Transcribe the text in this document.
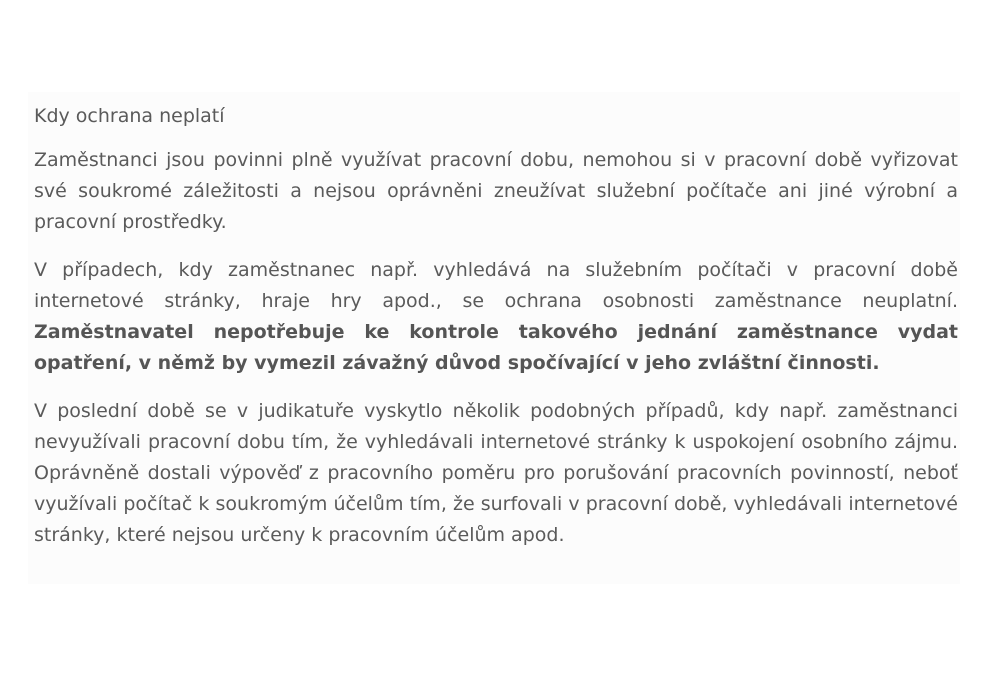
Kdy ochrana neplatí

Zaměstnanci jsou povinni plně využívat pracovní dobu, nemohou si v pracovní době vyřizovat své soukromé záležitosti a nejsou oprávněni zneužívat služební počítače ani jiné výrobní a pracovní prostředky.

V případech, kdy zaměstnanec např. vyhledává na služebním počítači v pracovní době internetové stránky, hraje hry apod., se ochrana osobnosti zaměstnance neuplatní. Zaměstnavatel nepotřebuje ke kontrole takového jednání zaměstnance vydat opatření, v němž by vymezil závažný důvod spočívající v jeho zvláštní činnosti.

V poslední době se v judikatuře vyskytlo několik podobných případů, kdy např. zaměstnanci nevyužívali pracovní dobu tím, že vyhledávali internetové stránky k uspokojení osobního zájmu. Oprávněně dostali výpověď z pracovního poměru pro porušování pracovních povinností, neboť využívali počítač k soukromým účelům tím, že surfovali v pracovní době, vyhledávali internetové stránky, které nejsou určeny k pracovním účelům apod.
